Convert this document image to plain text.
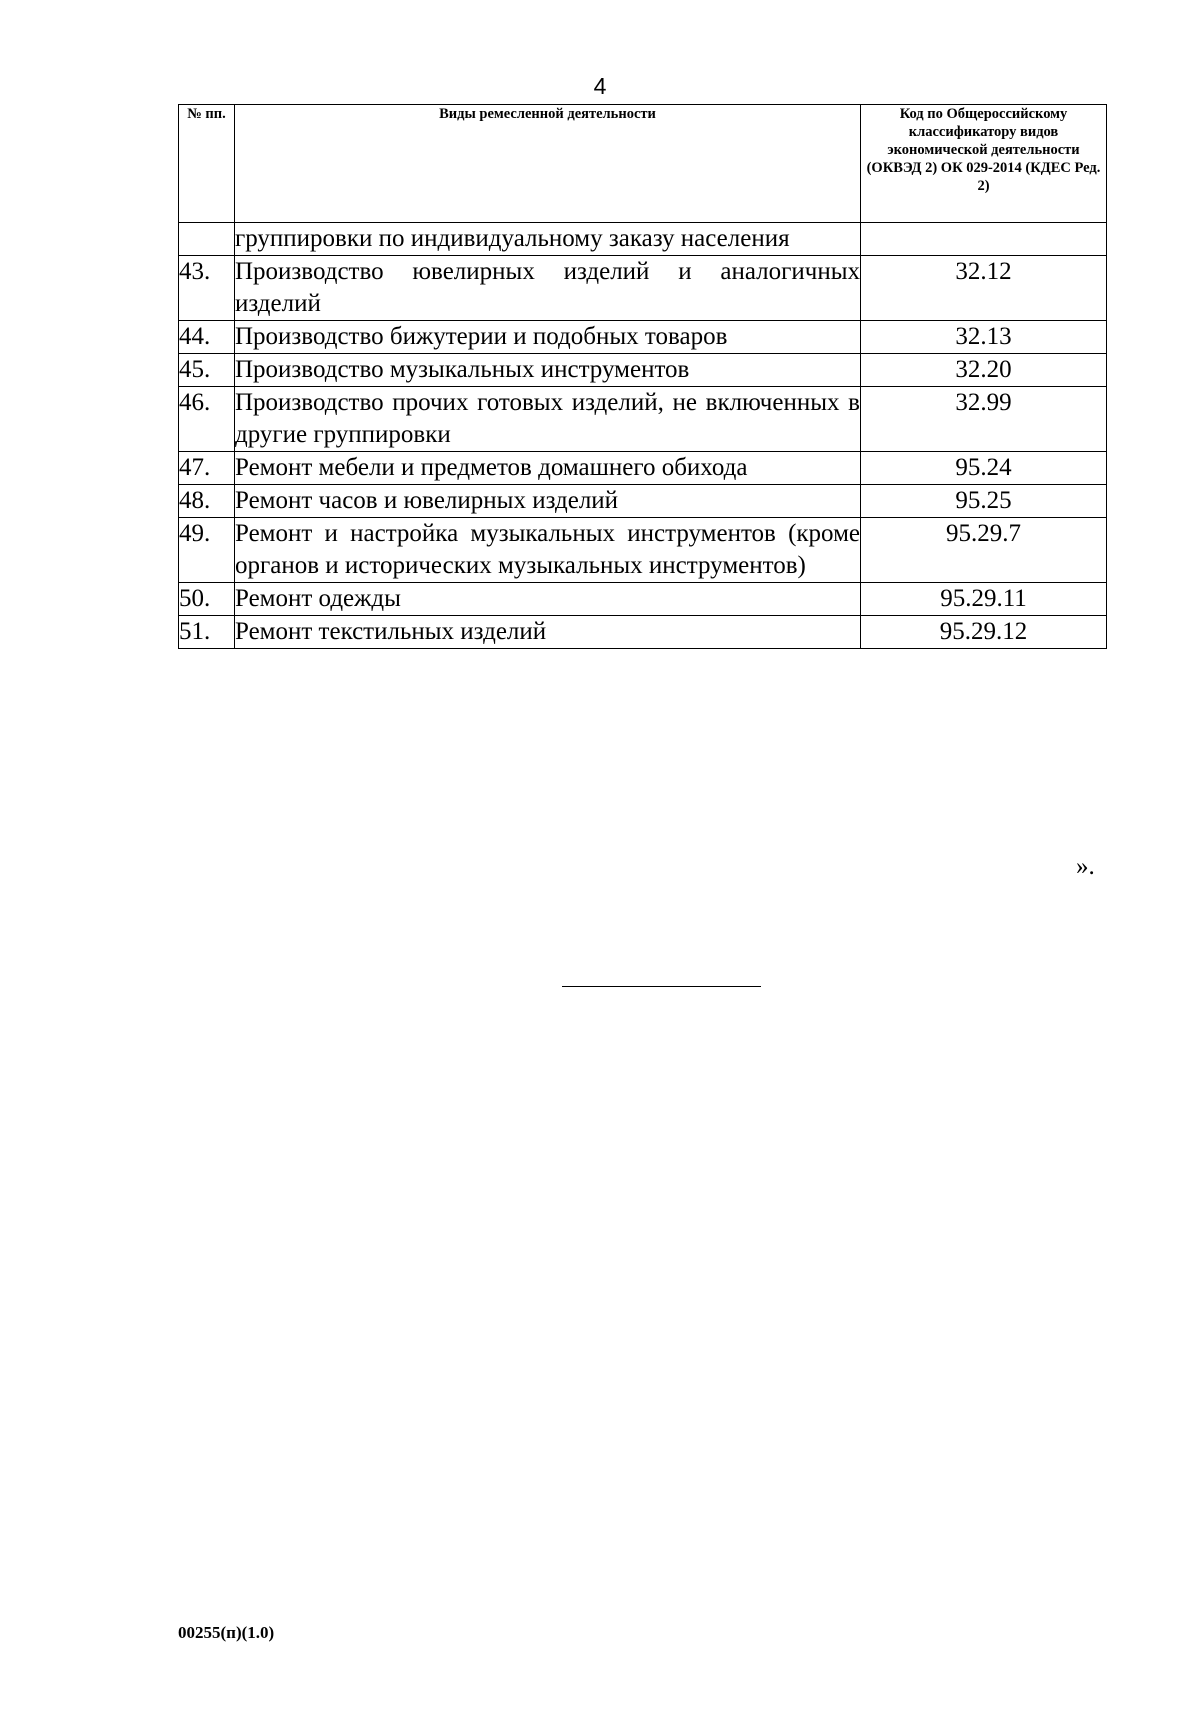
4
№ пп.	Виды ремесленной деятельности	Код по Общероссийскому классификатору видов экономической деятельности (ОКВЭД 2) ОК 029-2014 (КДЕС Ред. 2)
	группировки по индивидуальному заказу населения	
43.	Производство ювелирных изделий и аналогичных изделий	32.12
44.	Производство бижутерии и подобных товаров	32.13
45.	Производство музыкальных инструментов	32.20
46.	Производство прочих готовых изделий, не включенных в другие группировки	32.99
47.	Ремонт мебели и предметов домашнего обихода	95.24
48.	Ремонт часов и ювелирных изделий	95.25
49.	Ремонт и настройка музыкальных инструментов (кроме органов и исторических музыкальных инструментов)	95.29.7
50.	Ремонт одежды	95.29.11
51.	Ремонт текстильных изделий	95.29.12
».
00255(п)(1.0)
